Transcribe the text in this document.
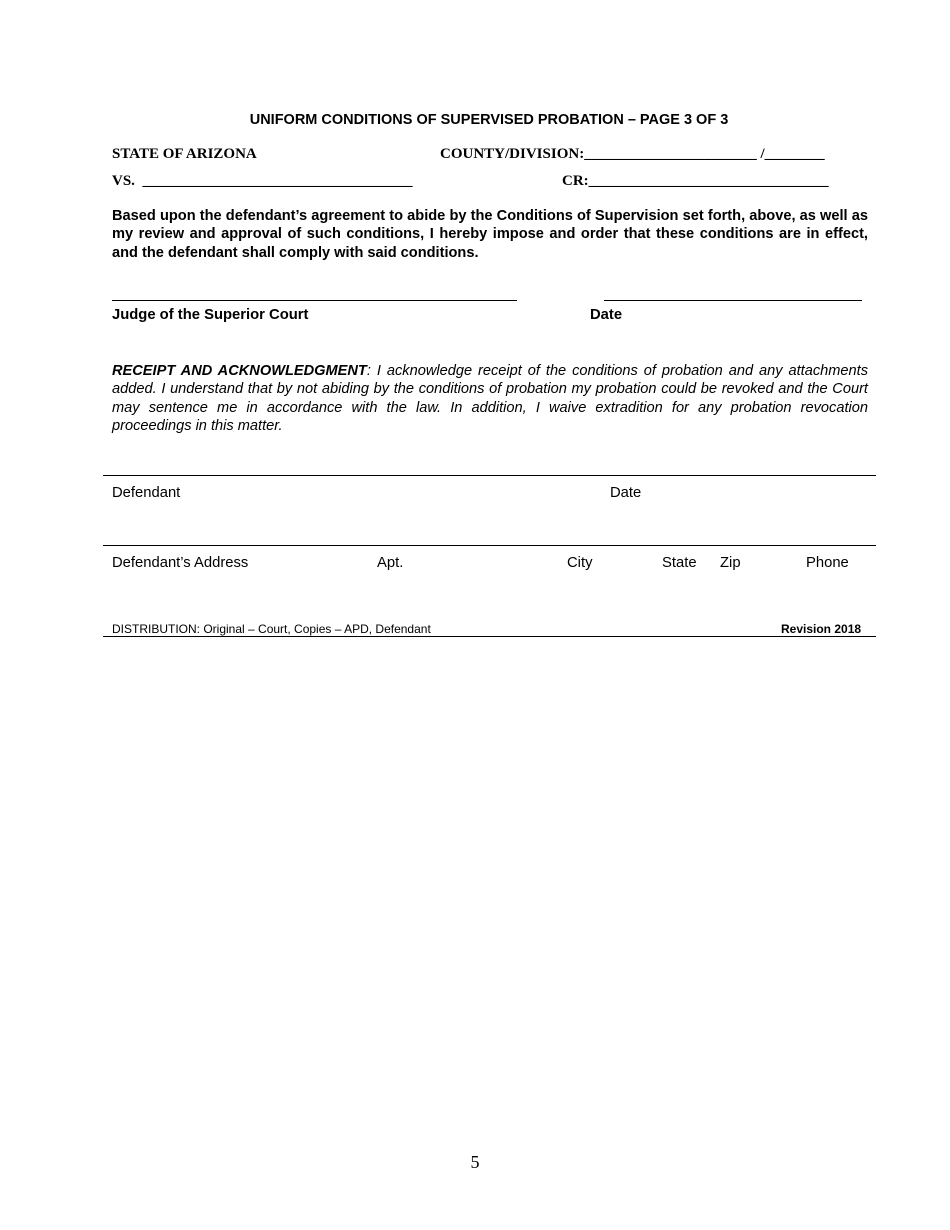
UNIFORM CONDITIONS OF SUPERVISED PROBATION – PAGE 3 OF 3
STATE OF ARIZONA	COUNTY/DIVISION:_______________________ /________
VS. ____________________________________	CR:________________________________
Based upon the defendant’s agreement to abide by the Conditions of Supervision set forth, above, as well as my review and approval of such conditions, I hereby impose and order that these conditions are in effect, and the defendant shall comply with said conditions.
Judge of the Superior Court	Date
RECEIPT AND ACKNOWLEDGMENT: I acknowledge receipt of the conditions of probation and any attachments added. I understand that by not abiding by the conditions of probation my probation could be revoked and the Court may sentence me in accordance with the law. In addition, I waive extradition for any probation revocation proceedings in this matter.
Defendant	Date
Defendant’s Address	Apt.	City	State Zip	Phone
DISTRIBUTION: Original – Court, Copies – APD, Defendant	Revision 2018
5
